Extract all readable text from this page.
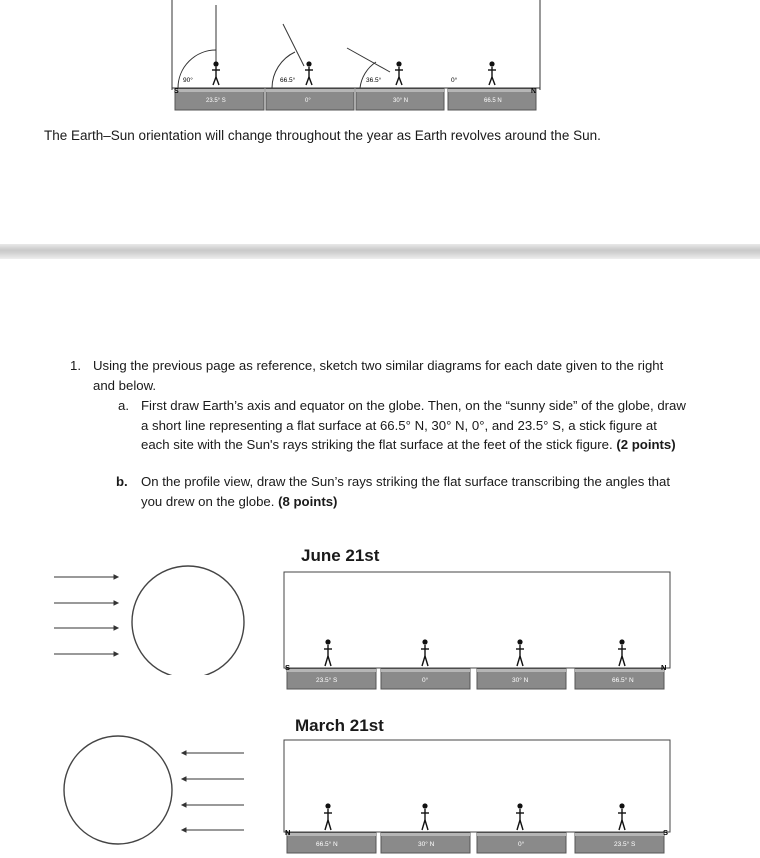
90°	66.5°	36.5°	0°
23.5° S	0°	30° N	66.5 N
S	N
The Earth–Sun orientation will change throughout the year as Earth revolves around the Sun.
1. Using the previous page as reference, sketch two similar diagrams for each date given to the right and below.
a. First draw Earth’s axis and equator on the globe. Then, on the “sunny side” of the globe, draw a short line representing a flat surface at 66.5° N, 30° N, 0°, and 23.5° S, a stick figure at each site with the Sun's rays striking the flat surface at the feet of the stick figure. (2 points)
b. On the profile view, draw the Sun’s rays striking the flat surface transcribing the angles that you drew on the globe. (8 points)
June 21st
23.5° S	0°	30° N	66.5° N
S	N
March 21st
66.5° N	30° N	0°	23.5° S
N	S
